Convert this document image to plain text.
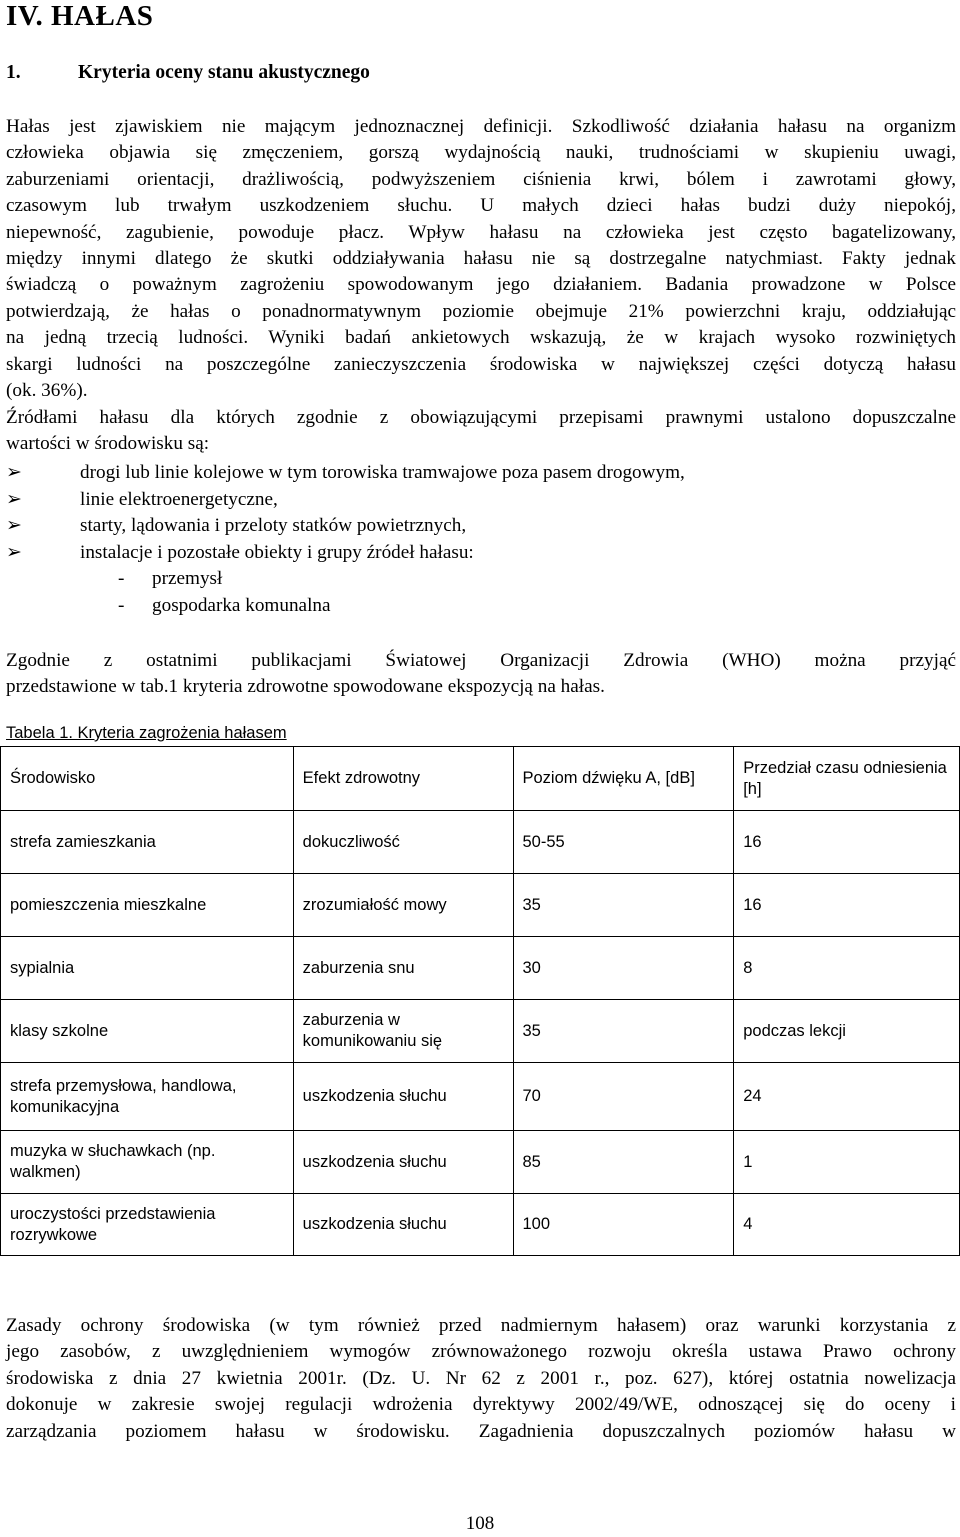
IV. HAŁAS
1.	Kryteria oceny stanu akustycznego
Hałas jest zjawiskiem nie mającym jednoznacznej definicji. Szkodliwość działania hałasu na organizm
człowieka objawia się zmęczeniem, gorszą wydajnością nauki, trudnościami w skupieniu uwagi,
zaburzeniami orientacji, drażliwością, podwyższeniem ciśnienia krwi, bólem i zawrotami głowy,
czasowym lub trwałym uszkodzeniem słuchu. U małych dzieci hałas budzi duży niepokój,
niepewność, zagubienie, powoduje płacz. Wpływ hałasu na człowieka jest często bagatelizowany,
między innymi dlatego że skutki oddziaływania hałasu nie są dostrzegalne natychmiast. Fakty jednak
świadczą o poważnym zagrożeniu spowodowanym jego działaniem. Badania prowadzone w Polsce
potwierdzają, że hałas o ponadnormatywnym poziomie obejmuje 21% powierzchni kraju, oddziałując
na jedną trzecią ludności. Wyniki badań ankietowych wskazują, że w krajach wysoko rozwiniętych
skargi ludności na poszczególne zanieczyszczenia środowiska w największej części dotyczą hałasu
(ok. 36%).
Źródłami hałasu dla których zgodnie z obowiązującymi przepisami prawnymi ustalono dopuszczalne
wartości w środowisku są:
➢	drogi lub linie kolejowe w tym torowiska tramwajowe poza pasem drogowym,
➢	linie elektroenergetyczne,
➢	starty, lądowania i przeloty statków powietrznych,
➢	instalacje i pozostałe obiekty i grupy źródeł hałasu:
- przemysł
- gospodarka komunalna
Zgodnie z ostatnimi publikacjami Światowej Organizacji Zdrowia (WHO) można przyjąć
przedstawione w tab.1 kryteria zdrowotne spowodowane ekspozycją na hałas.
Tabela 1. Kryteria zagrożenia hałasem
Środowisko	Efekt zdrowotny	Poziom dźwięku A, [dB]	Przedział czasu odniesienia [h]
strefa zamieszkania	dokuczliwość	50-55	16
pomieszczenia mieszkalne	zrozumiałość mowy	35	16
sypialnia	zaburzenia snu	30	8
klasy szkolne	zaburzenia w komunikowaniu się	35	podczas lekcji
strefa przemysłowa, handlowa, komunikacyjna	uszkodzenia słuchu	70	24
muzyka w słuchawkach (np. walkmen)	uszkodzenia słuchu	85	1
uroczystości przedstawienia rozrywkowe	uszkodzenia słuchu	100	4
Zasady ochrony środowiska (w tym również przed nadmiernym hałasem) oraz warunki korzystania z
jego zasobów, z uwzględnieniem wymogów zrównoważonego rozwoju określa ustawa Prawo ochrony
środowiska z dnia 27 kwietnia 2001r. (Dz. U. Nr 62 z 2001 r., poz. 627), której ostatnia nowelizacja
dokonuje w zakresie swojej regulacji wdrożenia dyrektywy 2002/49/WE, odnoszącej się do oceny i
zarządzania poziomem hałasu w środowisku. Zagadnienia dopuszczalnych poziomów hałasu w
108
